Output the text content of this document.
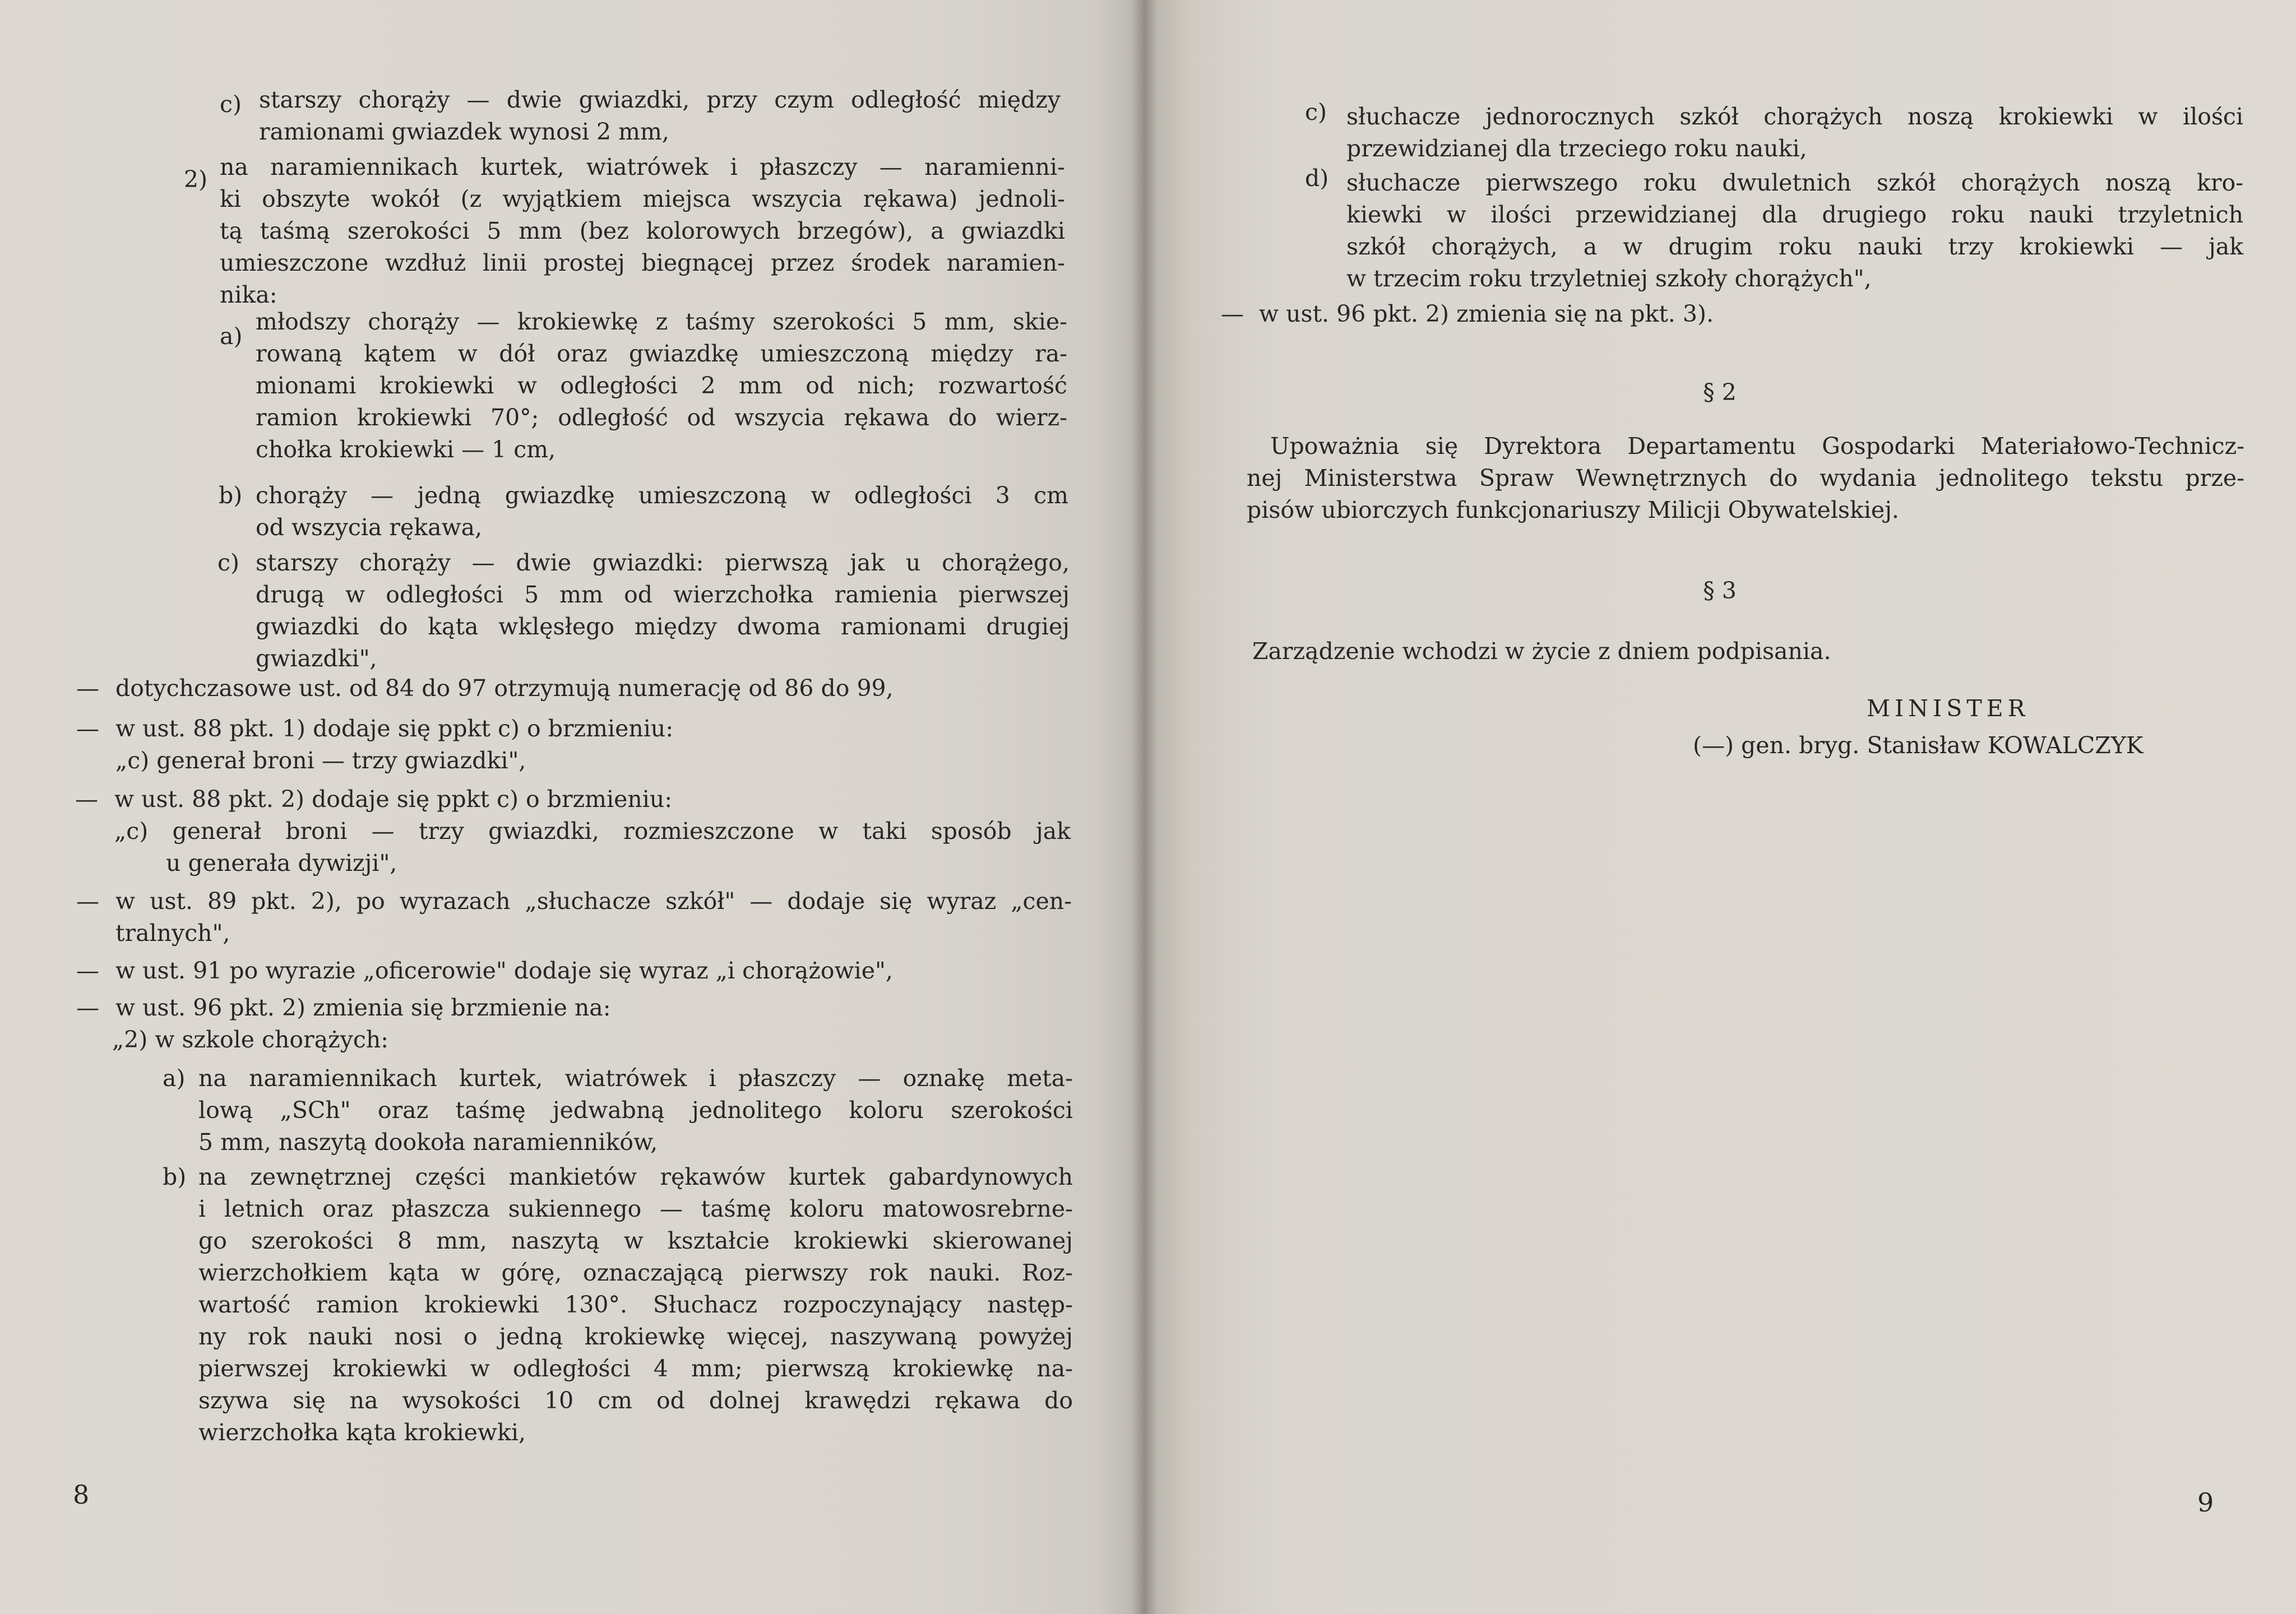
c) starszy chorąży — dwie gwiazdki, przy czym odległość między
ramionami gwiazdek wynosi 2 mm,
2) na naramiennikach kurtek, wiatrówek i płaszczy — naramienni-
ki obszyte wokół (z wyjątkiem miejsca wszycia rękawa) jednoli-
tą taśmą szerokości 5 mm (bez kolorowych brzegów), a gwiazdki
umieszczone wzdłuż linii prostej biegnącej przez środek naramien-
nika:
a)
młodszy chorąży — krokiewkę z taśmy szerokości 5 mm, skie-
rowaną kątem w dół oraz gwiazdkę umieszczoną między ra-
mionami krokiewki w odległości 2 mm od nich; rozwartość
ramion krokiewki 70°; odległość od wszycia rękawa do wierz-
chołka krokiewki — 1 cm,
b) chorąży — jedną gwiazdkę umieszczoną w odległości 3 cm
od wszycia rękawa,
c) starszy chorąży — dwie gwiazdki: pierwszą jak u chorążego,
drugą w odległości 5 mm od wierzchołka ramienia pierwszej
gwiazdki do kąta wklęsłego między dwoma ramionami drugiej
gwiazdki",
— dotychczasowe ust. od 84 do 97 otrzymują numerację od 86 do 99,
— w ust. 88 pkt. 1) dodaje się ppkt c) o brzmieniu:
„c) generał broni — trzy gwiazdki",
— w ust. 88 pkt. 2) dodaje się ppkt c) o brzmieniu:
„c) generał broni — trzy gwiazdki, rozmieszczone w taki sposób jak
u generała dywizji",
— w ust. 89 pkt. 2), po wyrazach „słuchacze szkół" — dodaje się wyraz „cen-
tralnych",
— w ust. 91 po wyrazie „oficerowie" dodaje się wyraz „i chorążowie",
— w ust. 96 pkt. 2) zmienia się brzmienie na:
„2) w szkole chorążych:
a) na naramiennikach kurtek, wiatrówek i płaszczy — oznakę meta-
lową „SCh" oraz taśmę jedwabną jednolitego koloru szerokości
5 mm, naszytą dookoła naramienników,
b) na zewnętrznej części mankietów rękawów kurtek gabardynowych
i letnich oraz płaszcza sukiennego — taśmę koloru matowosrebrne-
go szerokości 8 mm, naszytą w kształcie krokiewki skierowanej
wierzchołkiem kąta w górę, oznaczającą pierwszy rok nauki. Roz-
wartość ramion krokiewki 130°. Słuchacz rozpoczynający następ-
ny rok nauki nosi o jedną krokiewkę więcej, naszywaną powyżej
pierwszej krokiewki w odległości 4 mm; pierwszą krokiewkę na-
szywa się na wysokości 10 cm od dolnej krawędzi rękawa do
wierzchołka kąta krokiewki,
8
c) słuchacze jednorocznych szkół chorążych noszą krokiewki w ilości
przewidzianej dla trzeciego roku nauki,
d) słuchacze pierwszego roku dwuletnich szkół chorążych noszą kro-
kiewki w ilości przewidzianej dla drugiego roku nauki trzyletnich
szkół chorążych, a w drugim roku nauki trzy krokiewki — jak
w trzecim roku trzyletniej szkoły chorążych",
— w ust. 96 pkt. 2) zmienia się na pkt. 3).
§ 2
Upoważnia się Dyrektora Departamentu Gospodarki Materiałowo-Technicz-
nej Ministerstwa Spraw Wewnętrznych do wydania jednolitego tekstu prze-
pisów ubiorczych funkcjonariuszy Milicji Obywatelskiej.
§ 3
Zarządzenie wchodzi w życie z dniem podpisania.
MINISTER
(—) gen. bryg. Stanisław KOWALCZYK
9
